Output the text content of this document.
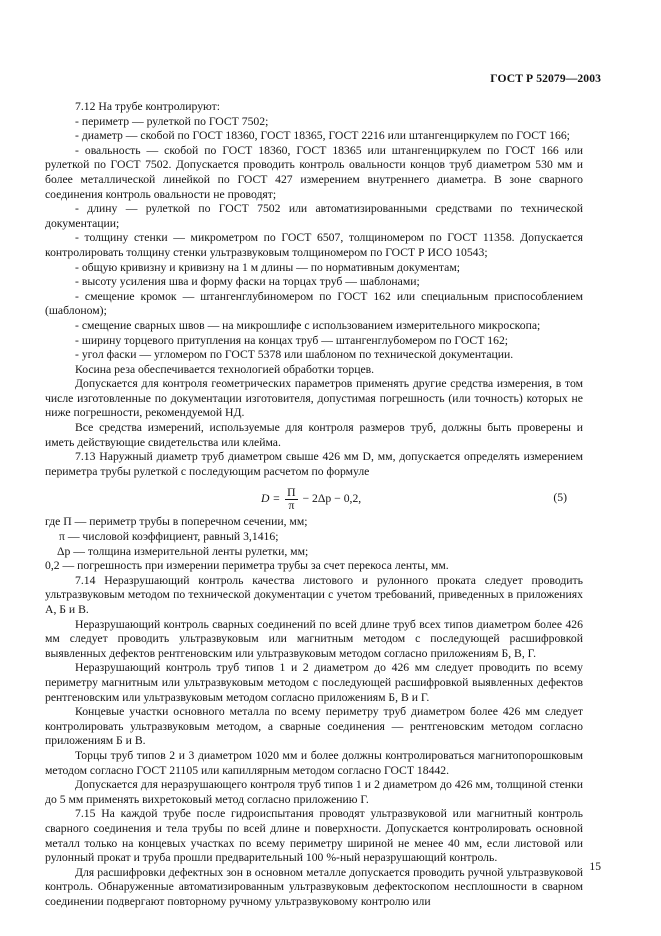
ГОСТ Р 52079—2003

7.12 На трубе контролируют:

- периметр — рулеткой по ГОСТ 7502;

- диаметр — скобой по ГОСТ 18360, ГОСТ 18365, ГОСТ 2216 или штангенциркулем по ГОСТ 166;

- овальность — скобой по ГОСТ 18360, ГОСТ 18365 или штангенциркулем по ГОСТ 166 или рулеткой по ГОСТ 7502. Допускается проводить контроль овальности концов труб диаметром 530 мм и более металлической линейкой по ГОСТ 427 измерением внутреннего диаметра. В зоне сварного соединения контроль овальности не проводят;

- длину — рулеткой по ГОСТ 7502 или автоматизированными средствами по технической документации;

- толщину стенки — микрометром по ГОСТ 6507, толщиномером по ГОСТ 11358. Допускается контролировать толщину стенки ультразвуковым толщиномером по ГОСТ Р ИСО 10543;

- общую кривизну и кривизну на 1 м длины — по нормативным документам;

- высоту усиления шва и форму фаски на торцах труб — шаблонами;

- смещение кромок — штангенглубиномером по ГОСТ 162 или специальным приспособлением (шаблоном);

- смещение сварных швов — на микрошлифе с использованием измерительного микроскопа;

- ширину торцевого притупления на концах труб — штангенглубомером по ГОСТ 162;

- угол фаски — угломером по ГОСТ 5378 или шаблоном по технической документации.

Косина реза обеспечивается технологией обработки торцев.

Допускается для контроля геометрических параметров применять другие средства измерения, в том числе изготовленные по документации изготовителя, допустимая погрешность (или точность) которых не ниже погрешности, рекомендуемой НД.

Все средства измерений, используемые для контроля размеров труб, должны быть проверены и иметь действующие свидетельства или клейма.

7.13 Наружный диаметр труб диаметром свыше 426 мм D, мм, допускается определять измерением периметра трубы рулеткой с последующим расчетом по формуле

$D = \frac{П}{\pi} - 2\Delta р - 0,2$,	(5)

где П — периметр трубы в поперечном сечении, мм;

π — числовой коэффициент, равный 3,1416;

Δр — толщина измерительной ленты рулетки, мм;

0,2 — погрешность при измерении периметра трубы за счет перекоса ленты, мм.

7.14 Неразрушающий контроль качества листового и рулонного проката следует проводить ультразвуковым методом по технической документации с учетом требований, приведенных в приложениях А, Б и В.

Неразрушающий контроль сварных соединений по всей длине труб всех типов диаметром более 426 мм следует проводить ультразвуковым или магнитным методом с последующей расшифровкой выявленных дефектов рентгеновским или ультразвуковым методом согласно приложениям Б, В, Г.

Неразрушающий контроль труб типов 1 и 2 диаметром до 426 мм следует проводить по всему периметру магнитным или ультразвуковым методом с последующей расшифровкой выявленных дефектов рентгеновским или ультразвуковым методом согласно приложениям Б, В и Г.

Концевые участки основного металла по всему периметру труб диаметром более 426 мм следует контролировать ультразвуковым методом, а сварные соединения — рентгеновским методом согласно приложениям Б и В.

Торцы труб типов 2 и 3 диаметром 1020 мм и более должны контролироваться магнитопорошковым методом согласно ГОСТ 21105 или капиллярным методом согласно ГОСТ 18442.

Допускается для неразрушающего контроля труб типов 1 и 2 диаметром до 426 мм, толщиной стенки до 5 мм применять вихретоковый метод согласно приложению Г.

7.15 На каждой трубе после гидроиспытания проводят ультразвуковой или магнитный контроль сварного соединения и тела трубы по всей длине и поверхности. Допускается контролировать основной металл только на концевых участках по всему периметру шириной не менее 40 мм, если листовой или рулонный прокат и труба прошли предварительный 100 %-ный неразрушающий контроль.

Для расшифровки дефектных зон в основном металле допускается проводить ручной ультразвуковой контроль. Обнаруженные автоматизированным ультразвуковым дефектоскопом несплошности в сварном соединении подвергают повторному ручному ультразвуковому контролю или

15
